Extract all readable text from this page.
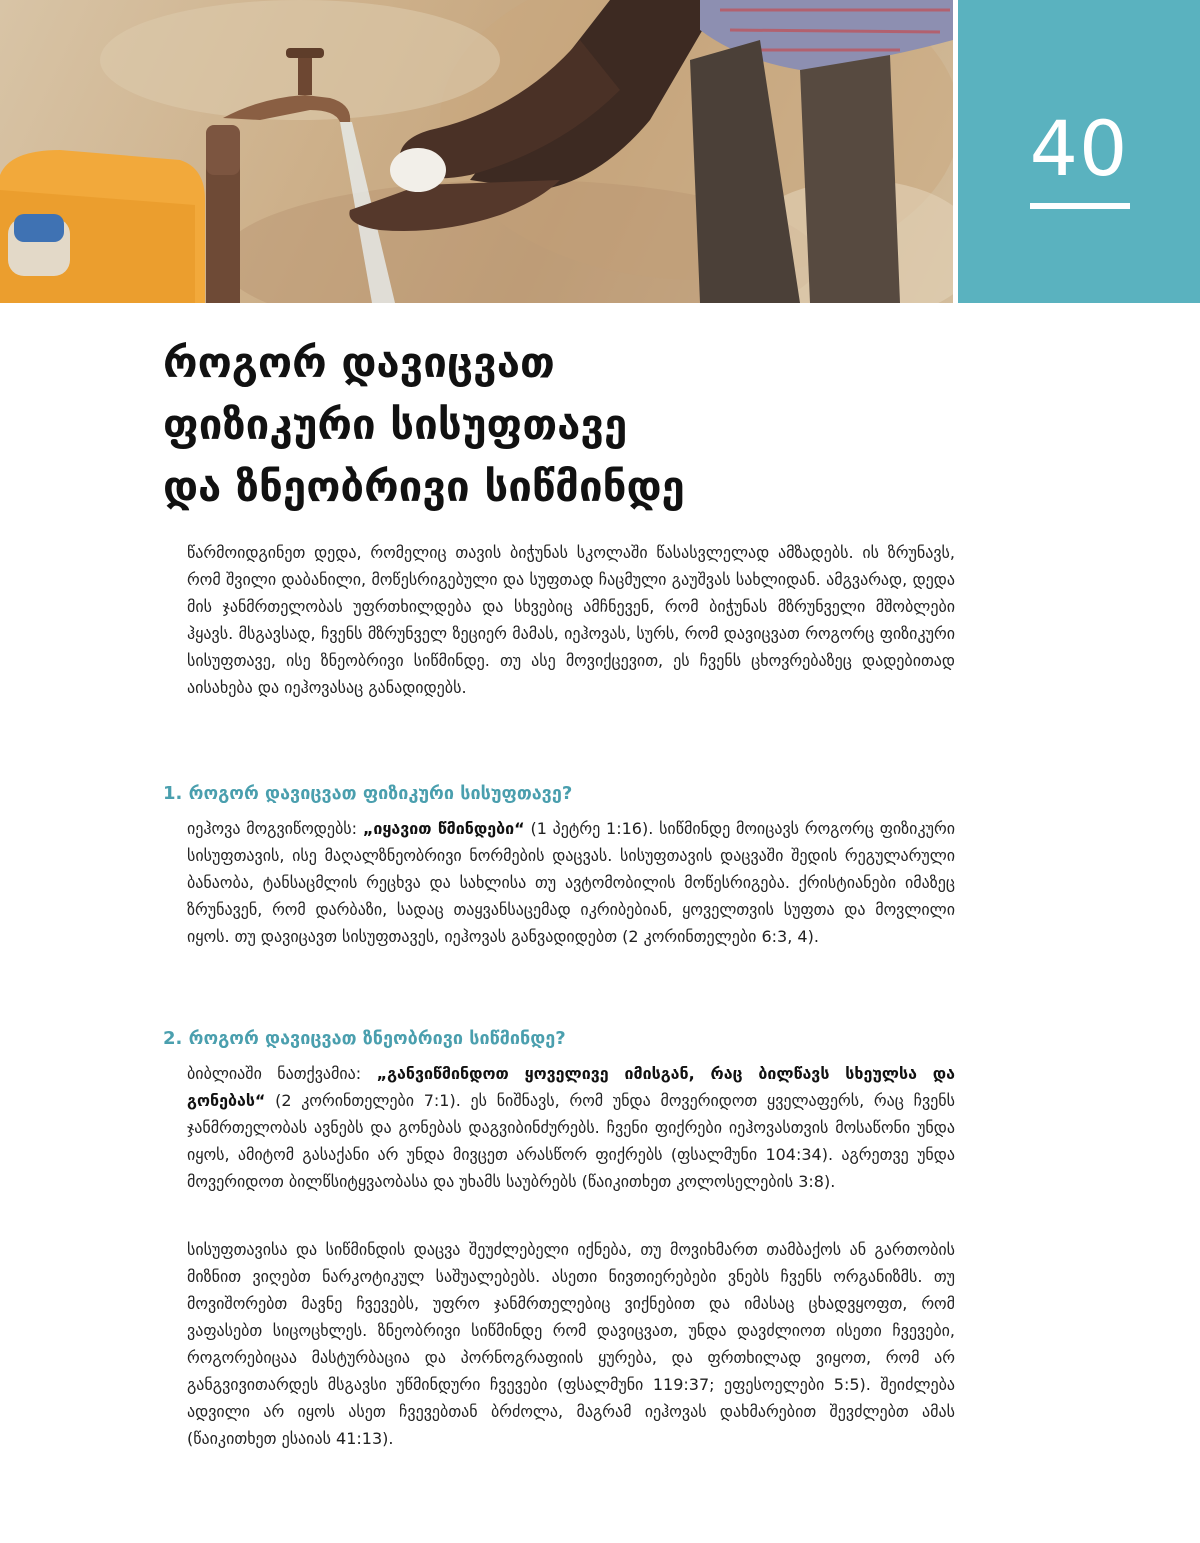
40
როგორ დავიცვათ
ფიზიკური სისუფთავე
და ზნეობრივი სიწმინდე

წარმოიდგინეთ დედა, რომელიც თავის ბიჭუნას სკოლაში წასასვლელად ამზადებს. ის ზრუნავს, რომ შვილი დაბანილი, მოწესრიგებული და სუფთად ჩაცმული გაუშვას სახლიდან. ამგვარად, დედა მის ჯანმრთელობას უფრთხილდება და სხვებიც ამჩნევენ, რომ ბიჭუნას მზრუნველი მშობლები ჰყავს. მსგავსად, ჩვენს მზრუნველ ზეციერ მამას, იეჰოვას, სურს, რომ დავიცვათ როგორც ფიზიკური სისუფთავე, ისე ზნეობრივი სიწმინდე. თუ ასე მოვიქცევით, ეს ჩვენს ცხოვრებაზეც დადებითად აისახება და იეჰოვასაც განადიდებს.

1. როგორ დავიცვათ ფიზიკური სისუფთავე?

იეჰოვა მოგვიწოდებს: „იყავით წმინდები“ (1 პეტრე 1:16). სიწმინდე მოიცავს როგორც ფიზიკური სისუფთავის, ისე მაღალზნეობრივი ნორმების დაცვას. სისუფთავის დაცვაში შედის რეგულარული ბანაობა, ტანსაცმლის რეცხვა და სახლისა თუ ავტომობილის მოწესრიგება. ქრისტიანები იმაზეც ზრუნავენ, რომ დარბაზი, სადაც თაყვანსაცემად იკრიბებიან, ყოველთვის სუფთა და მოვლილი იყოს. თუ დავიცავთ სისუფთავეს, იეჰოვას განვადიდებთ (2 კორინთელები 6:3, 4).

2. როგორ დავიცვათ ზნეობრივი სიწმინდე?

ბიბლიაში ნათქვამია: „განვიწმინდოთ ყოველივე იმისგან, რაც ბილწავს სხეულსა და გონებას“ (2 კორინთელები 7:1). ეს ნიშნავს, რომ უნდა მოვერიდოთ ყველაფერს, რაც ჩვენს ჯანმრთელობას ავნებს და გონებას დაგვიბინძურებს. ჩვენი ფიქრები იეჰოვასთვის მოსაწონი უნდა იყოს, ამიტომ გასაქანი არ უნდა მივცეთ არასწორ ფიქრებს (ფსალმუნი 104:34). აგრეთვე უნდა მოვერიდოთ ბილწსიტყვაობასა და უხამს საუბრებს (წაიკითხეთ კოლოსელების 3:8).

სისუფთავისა და სიწმინდის დაცვა შეუძლებელი იქნება, თუ მოვიხმართ თამბაქოს ან გართობის მიზნით ვიღებთ ნარკოტიკულ საშუალებებს. ასეთი ნივთიერებები ვნებს ჩვენს ორგანიზმს. თუ მოვიშორებთ მავნე ჩვევებს, უფრო ჯანმრთელებიც ვიქნებით და იმასაც ცხადვყოფთ, რომ ვაფასებთ სიცოცხლეს. ზნეობრივი სიწმინდე რომ დავიცვათ, უნდა დავძლიოთ ისეთი ჩვევები, როგორებიცაა მასტურბაცია და პორნოგრაფიის ყურება, და ფრთხილად ვიყოთ, რომ არ განგვივითარდეს მსგავსი უწმინდური ჩვევები (ფსალმუნი 119:37; ეფესოელები 5:5). შეიძლება ადვილი არ იყოს ასეთ ჩვევებთან ბრძოლა, მაგრამ იეჰოვას დახმარებით შევძლებთ ამას (წაიკითხეთ ესაიას 41:13).
